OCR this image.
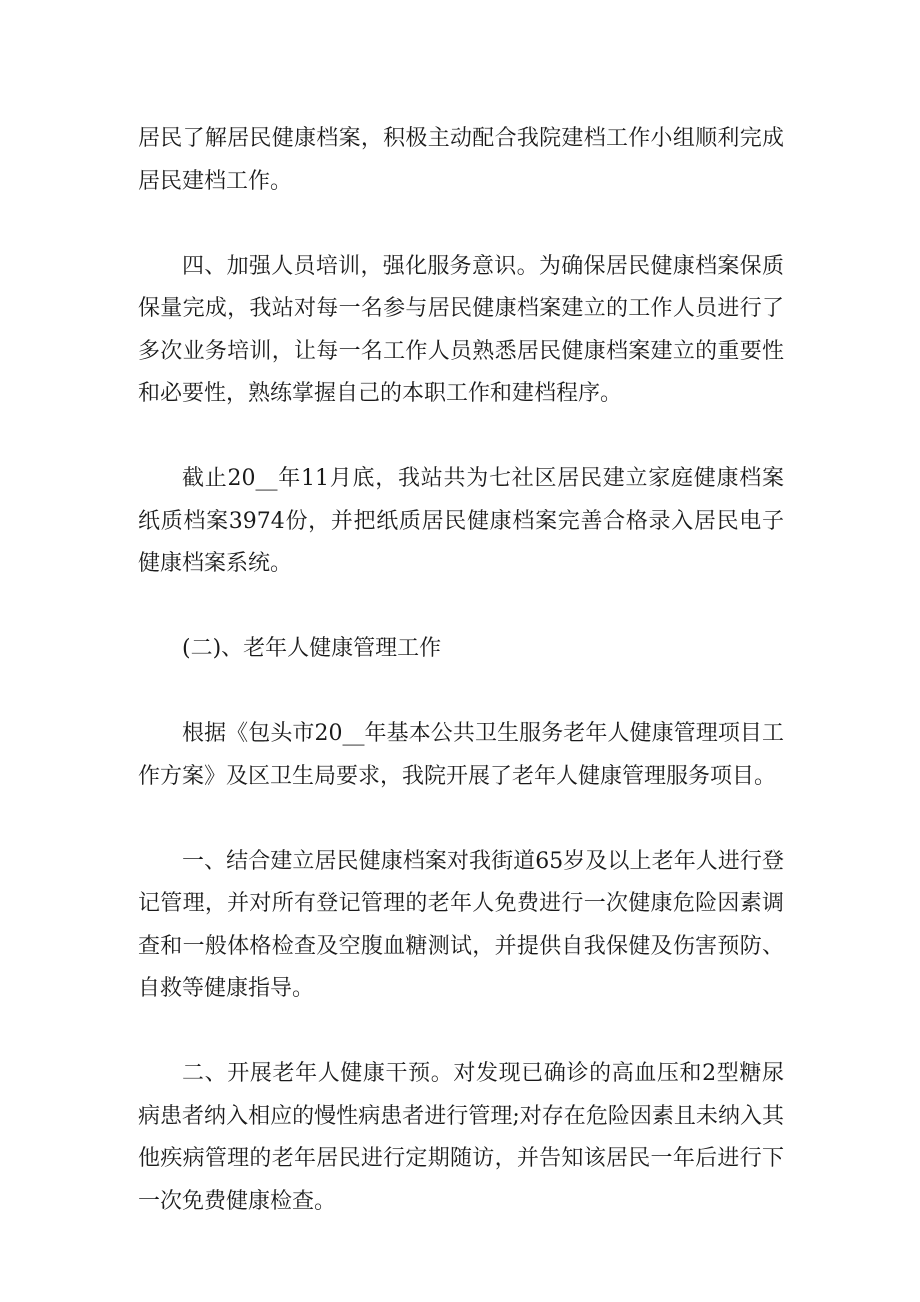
居民了解居民健康档案，积极主动配合我院建档工作小组顺利完成居民建档工作。

四、加强人员培训，强化服务意识。为确保居民健康档案保质保量完成，我站对每一名参与居民健康档案建立的工作人员进行了多次业务培训，让每一名工作人员熟悉居民健康档案建立的重要性和必要性，熟练掌握自己的本职工作和建档程序。

截止20__年11月底，我站共为七社区居民建立家庭健康档案纸质档案3974份，并把纸质居民健康档案完善合格录入居民电子健康档案系统。

(二)、老年人健康管理工作

根据《包头市20__年基本公共卫生服务老年人健康管理项目工作方案》及区卫生局要求，我院开展了老年人健康管理服务项目。

一、结合建立居民健康档案对我街道65岁及以上老年人进行登记管理，并对所有登记管理的老年人免费进行一次健康危险因素调查和一般体格检查及空腹血糖测试，并提供自我保健及伤害预防、自救等健康指导。

二、开展老年人健康干预。对发现已确诊的高血压和2型糖尿病患者纳入相应的慢性病患者进行管理;对存在危险因素且未纳入其他疾病管理的老年居民进行定期随访，并告知该居民一年后进行下一次免费健康检查。
